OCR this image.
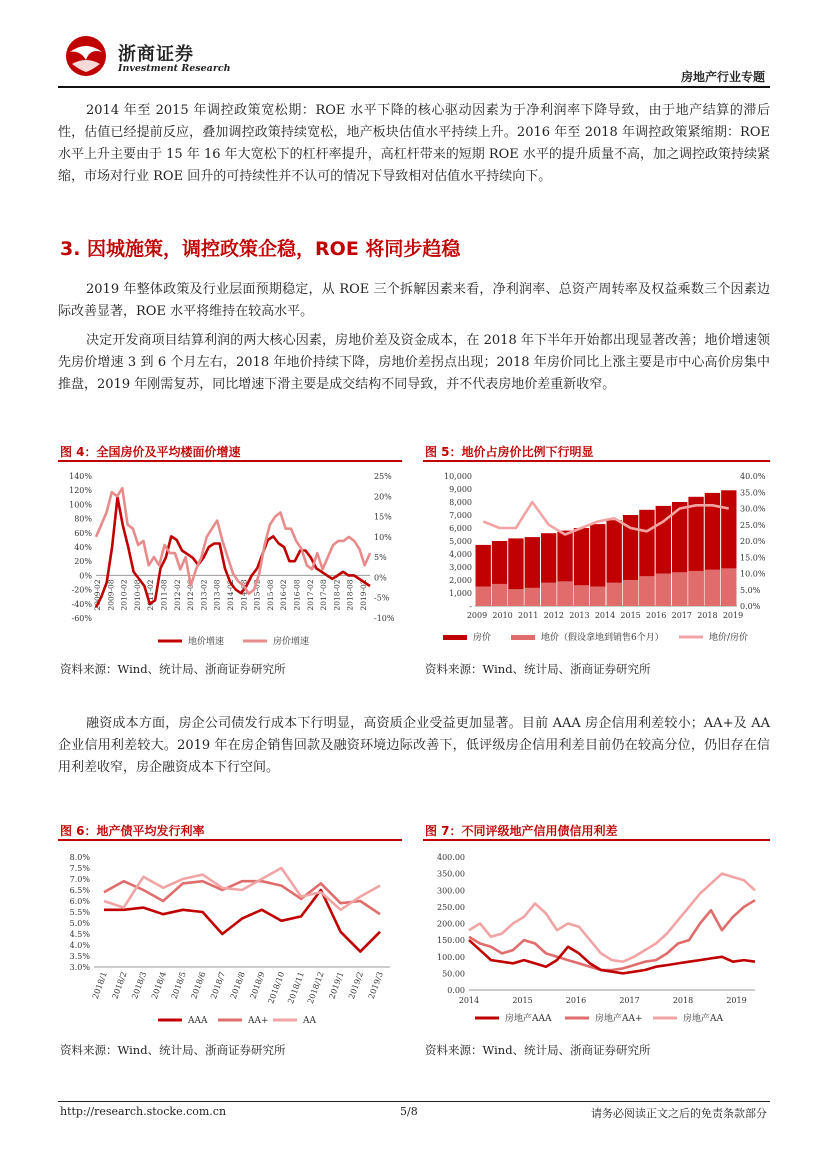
浙商证券
Investment Research
房地产行业专题

2014 年至 2015 年调控政策宽松期：ROE 水平下降的核心驱动因素为于净利润率下降导致，由于地产结算的滞后性，估值已经提前反应，叠加调控政策持续宽松，地产板块估值水平持续上升。2016 年至 2018 年调控政策紧缩期：ROE 水平上升主要由于 15 年 16 年大宽松下的杠杆率提升，高杠杆带来的短期 ROE 水平的提升质量不高，加之调控政策持续紧缩，市场对行业 ROE 回升的可持续性并不认可的情况下导致相对估值水平持续向下。

3. 因城施策，调控政策企稳，ROE 将同步趋稳

2019 年整体政策及行业层面预期稳定，从 ROE 三个拆解因素来看，净利润率、总资产周转率及权益乘数三个因素边际改善显著，ROE 水平将维持在较高水平。

决定开发商项目结算利润的两大核心因素，房地价差及资金成本，在 2018 年下半年开始都出现显著改善；地价增速领先房价增速 3 到 6 个月左右，2018 年地价持续下降，房地价差拐点出现；2018 年房价同比上涨主要是市中心高价房集中推盘，2019 年刚需复苏，同比增速下滑主要是成交结构不同导致，并不代表房地价差重新收窄。

图 4：全国房价及平均楼面价增速
-60%
-40%
-20%
0%
20%
40%
60%
80%
100%
120%
140%
-10%
-5%
0%
5%
10%
15%
20%
25%
2009-02 2009-08 2010-02 2010-08 2011-02 2011-08 2012-02 2012-08 2013-02 2013-08 2014-02 2014-08 2015-02 2015-08 2016-02 2016-08 2017-02 2017-08 2018-02 2018-08 2019-02
地价增速	房价增速
资料来源：Wind、统计局、浙商证券研究所
图 5：地价占房价比例下行明显
-
1,000
2,000
3,000
4,000
5,000
6,000
7,000
8,000
9,000
10,000
0.0%
5.0%
10.0%
15.0%
20.0%
25.0%
30.0%
35.0%
40.0%
2009 2010 2011 2012 2013 2014 2015 2016 2017 2018 2019
房价	地价（假设拿地到销售6个月）	地价/房价
资料来源：Wind、统计局、浙商证券研究所

融资成本方面，房企公司债发行成本下行明显，高资质企业受益更加显著。目前 AAA 房企信用利差较小；AA+及 AA 企业信用利差较大。2019 年在房企销售回款及融资环境边际改善下，低评级房企信用利差目前仍在较高分位，仍旧存在信用利差收窄，房企融资成本下行空间。

图 6：地产债平均发行利率
3.0%
3.5%
4.0%
4.5%
5.0%
5.5%
6.0%
6.5%
7.0%
7.5%
8.0%
2018/1 2018/2 2018/3 2018/4 2018/5 2018/6 2018/7 2018/8 2018/9 2018/10 2018/11 2018/12 2019/1 2019/2 2019/3
AAA	AA+	AA
资料来源：Wind、统计局、浙商证券研究所
图 7：不同评级地产信用债信用利差
0.00
50.00
100.00
150.00
200.00
250.00
300.00
350.00
400.00
2014	2015	2016	2017	2018	2019
房地产AAA	房地产AA+	房地产AA
资料来源：Wind、统计局、浙商证券研究所
http://research.stocke.com.cn	5/8	请务必阅读正文之后的免责条款部分
